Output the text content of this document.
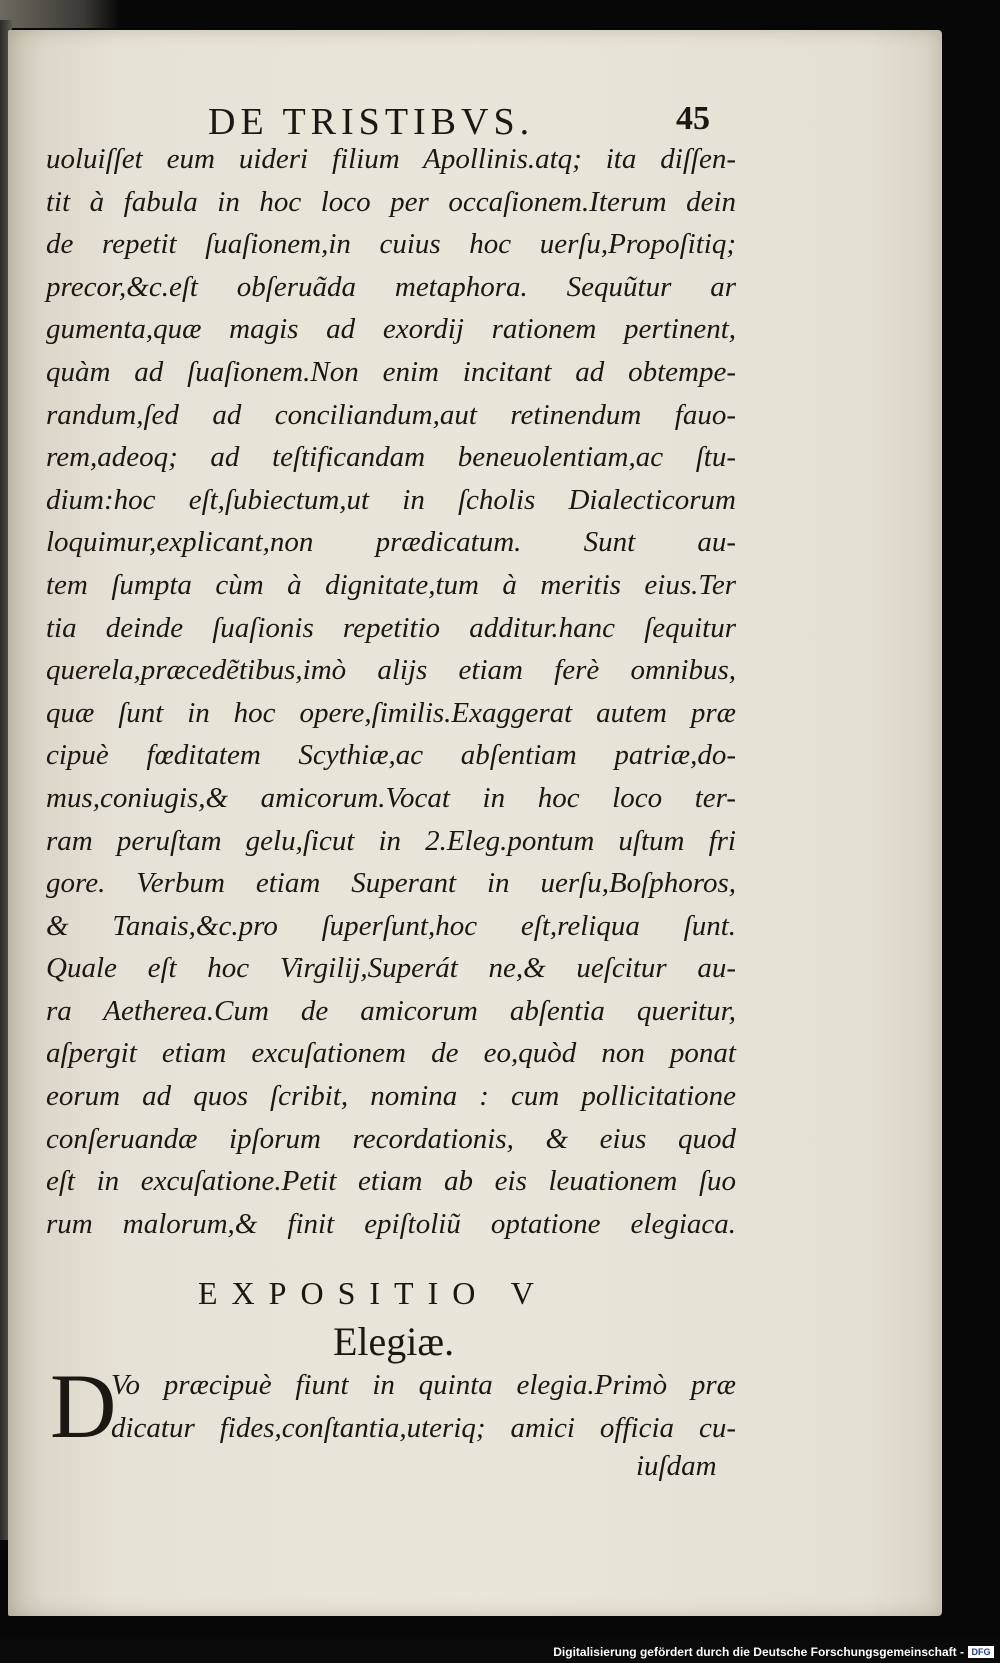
DE TRISTIBVS.	45
uoluiſſet eum uideri filium Apollinis.atq; ita diſſen-
tit à fabula in hoc loco per occaſionem.Iterum dein
de repetit ſuaſionem,in cuius hoc uerſu,Propoſitiq;
precor,&c.eſt obſeruãda metaphora. Sequũtur ar
gumenta,quæ magis ad exordij rationem pertinent,
quàm ad ſuaſionem.Non enim incitant ad obtempe-
randum,ſed ad conciliandum,aut retinendum fauo-
rem,adeoq; ad teſtificandam beneuolentiam,ac ſtu-
dium:hoc eſt,ſubiectum,ut in ſcholis Dialecticorum
loquimur,explicant,non prædicatum. Sunt au-
tem ſumpta cùm à dignitate,tum à meritis eius.Ter
tia deinde ſuaſionis repetitio additur.hanc ſequitur
querela,præcedẽtibus,imò alijs etiam ferè omnibus,
quæ ſunt in hoc opere,ſimilis.Exaggerat autem præ
cipuè fœditatem Scythiæ,ac abſentiam patriæ,do-
mus,coniugis,& amicorum.Vocat in hoc loco ter-
ram peruſtam gelu,ſicut in 2.Eleg.pontum uſtum fri
gore. Verbum etiam Superant in uerſu,Boſphoros,
& Tanais,&c.pro ſuperſunt,hoc eſt,reliqua ſunt.
Quale eſt hoc Virgilij,Superát ne,& ueſcitur au-
ra Aetherea.Cum de amicorum abſentia queritur,
aſpergit etiam excuſationem de eo,quòd non ponat
eorum ad quos ſcribit, nomina : cum pollicitatione
conſeruandæ ipſorum recordationis, & eius quod
eſt in excuſatione.Petit etiam ab eis leuationem ſuo
rum malorum,& finit epiſtoliũ optatione elegiaca.
EXPOSITIO V
Elegiæ.
D
Vo præcipuè fiunt in quinta elegia.Primò præ
dicatur fides,conſtantia,uteriq; amici officia cu-
iuſdam
Digitalisierung gefördert durch die Deutsche Forschungsgemeinschaft - DFG
